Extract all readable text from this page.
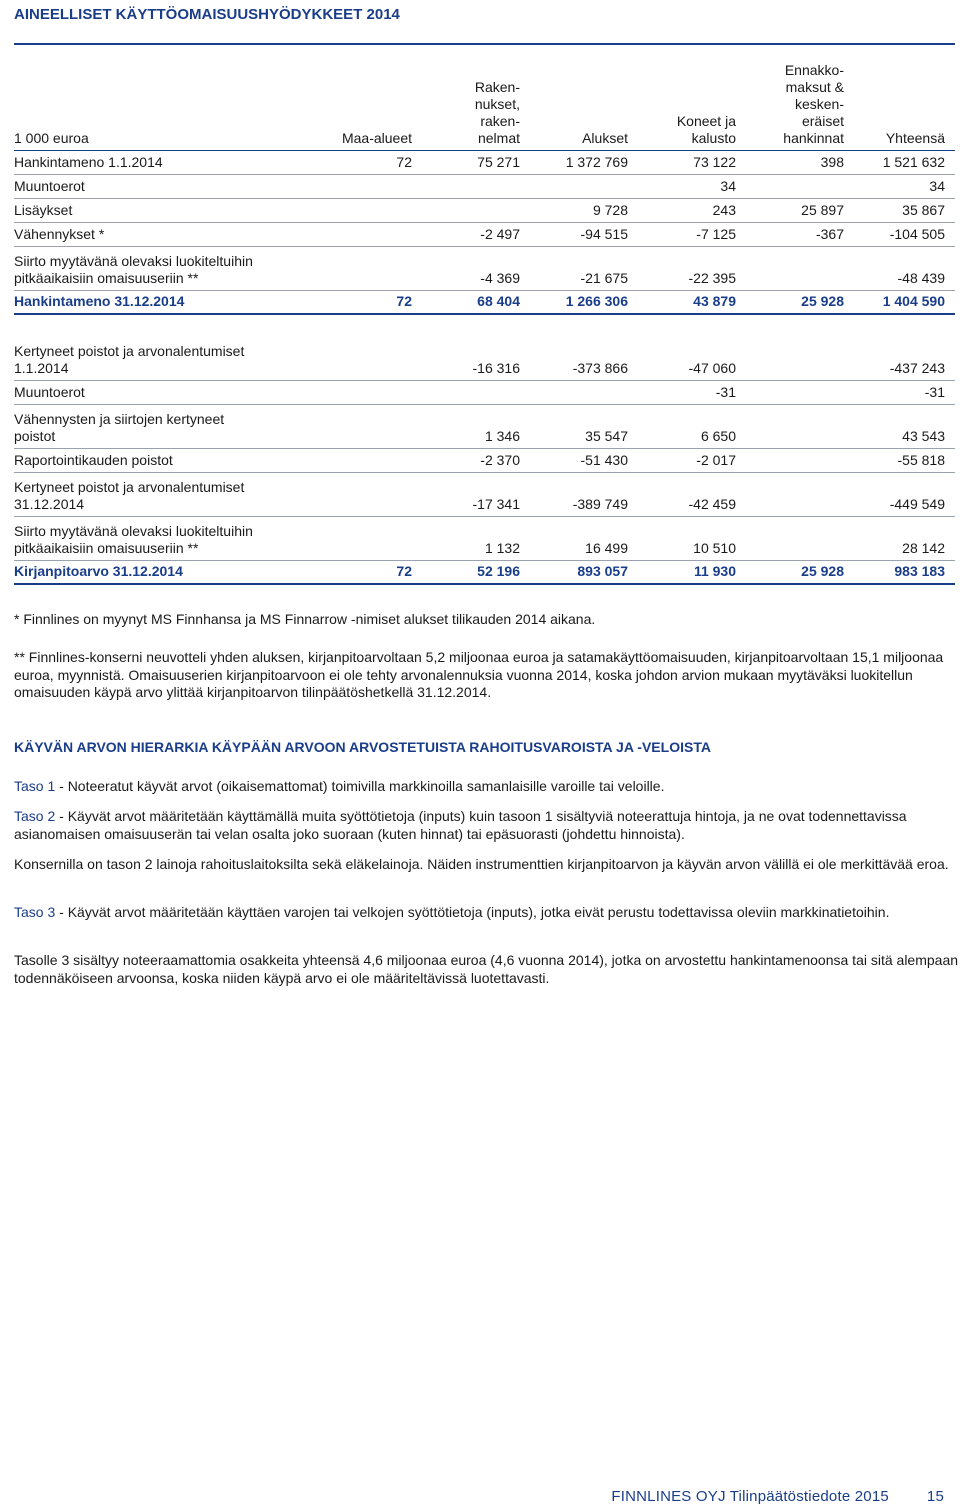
AINEELLISET KÄYTTÖOMAISUUSHYÖDYKKEET 2014
1 000 euroa	Maa-alueet	Raken-
nukset,
raken-
nelmat	Alukset	Koneet ja
kalusto	Ennakko-
maksut &
kesken-
eräiset
hankinnat	Yhteensä
Hankintameno 1.1.2014	72	75 271	1 372 769	73 122	398	1 521 632
Muuntoerot				34		34
Lisäykset			9 728	243	25 897	35 867
Vähennykset *		-2 497	-94 515	-7 125	-367	-104 505
Siirto myytävänä olevaksi luokiteltuihin
pitkäaikaisiin omaisuuseriin **		-4 369	-21 675	-22 395		-48 439
Hankintameno 31.12.2014	72	68 404	1 266 306	43 879	25 928	1 404 590

Kertyneet poistot ja arvonalentumiset
1.1.2014		-16 316	-373 866	-47 060		-437 243
Muuntoerot				-31		-31
Vähennysten ja siirtojen kertyneet
poistot		1 346	35 547	6 650		43 543
Raportointikauden poistot		-2 370	-51 430	-2 017		-55 818
Kertyneet poistot ja arvonalentumiset
31.12.2014		-17 341	-389 749	-42 459		-449 549
Siirto myytävänä olevaksi luokiteltuihin
pitkäaikaisiin omaisuuseriin **		1 132	16 499	10 510		28 142
Kirjanpitoarvo 31.12.2014	72	52 196	893 057	11 930	25 928	983 183
* Finnlines on myynyt MS Finnhansa ja MS Finnarrow -nimiset alukset tilikauden 2014 aikana.
** Finnlines-konserni neuvotteli yhden aluksen, kirjanpitoarvoltaan 5,2 miljoonaa euroa ja satamakäyttöomaisuuden, kirjanpitoarvoltaan 15,1 miljoonaa euroa, myynnistä. Omaisuuserien kirjanpitoarvoon ei ole tehty arvonalennuksia vuonna 2014, koska johdon arvion mukaan myytäväksi luokitellun omaisuuden käypä arvo ylittää kirjanpitoarvon tilinpäätöshetkellä 31.12.2014.
KÄYVÄN ARVON HIERARKIA KÄYPÄÄN ARVOON ARVOSTETUISTA RAHOITUSVAROISTA JA -VELOISTA
Taso 1 - Noteeratut käyvät arvot (oikaisemattomat) toimivilla markkinoilla samanlaisille varoille tai veloille.
Taso 2 - Käyvät arvot määritetään käyttämällä muita syöttötietoja (inputs) kuin tasoon 1 sisältyviä noteerattuja hintoja, ja ne ovat todennettavissa asianomaisen omaisuuserän tai velan osalta joko suoraan (kuten hinnat) tai epäsuorasti (johdettu hinnoista).
Konsernilla on tason 2 lainoja rahoituslaitoksilta sekä eläkelainoja. Näiden instrumenttien kirjanpitoarvon ja käyvän arvon välillä ei ole merkittävää eroa.
Taso 3 - Käyvät arvot määritetään käyttäen varojen tai velkojen syöttötietoja (inputs), jotka eivät perustu todettavissa oleviin markkinatietoihin.
Tasolle 3 sisältyy noteeraamattomia osakkeita yhteensä 4,6 miljoonaa euroa (4,6 vuonna 2014), jotka on arvostettu hankintamenoonsa tai sitä alempaan todennäköiseen arvoonsa, koska niiden käypä arvo ei ole määriteltävissä luotettavasti.
FINNLINES OYJ Tilinpäätöstiedote 2015	15
